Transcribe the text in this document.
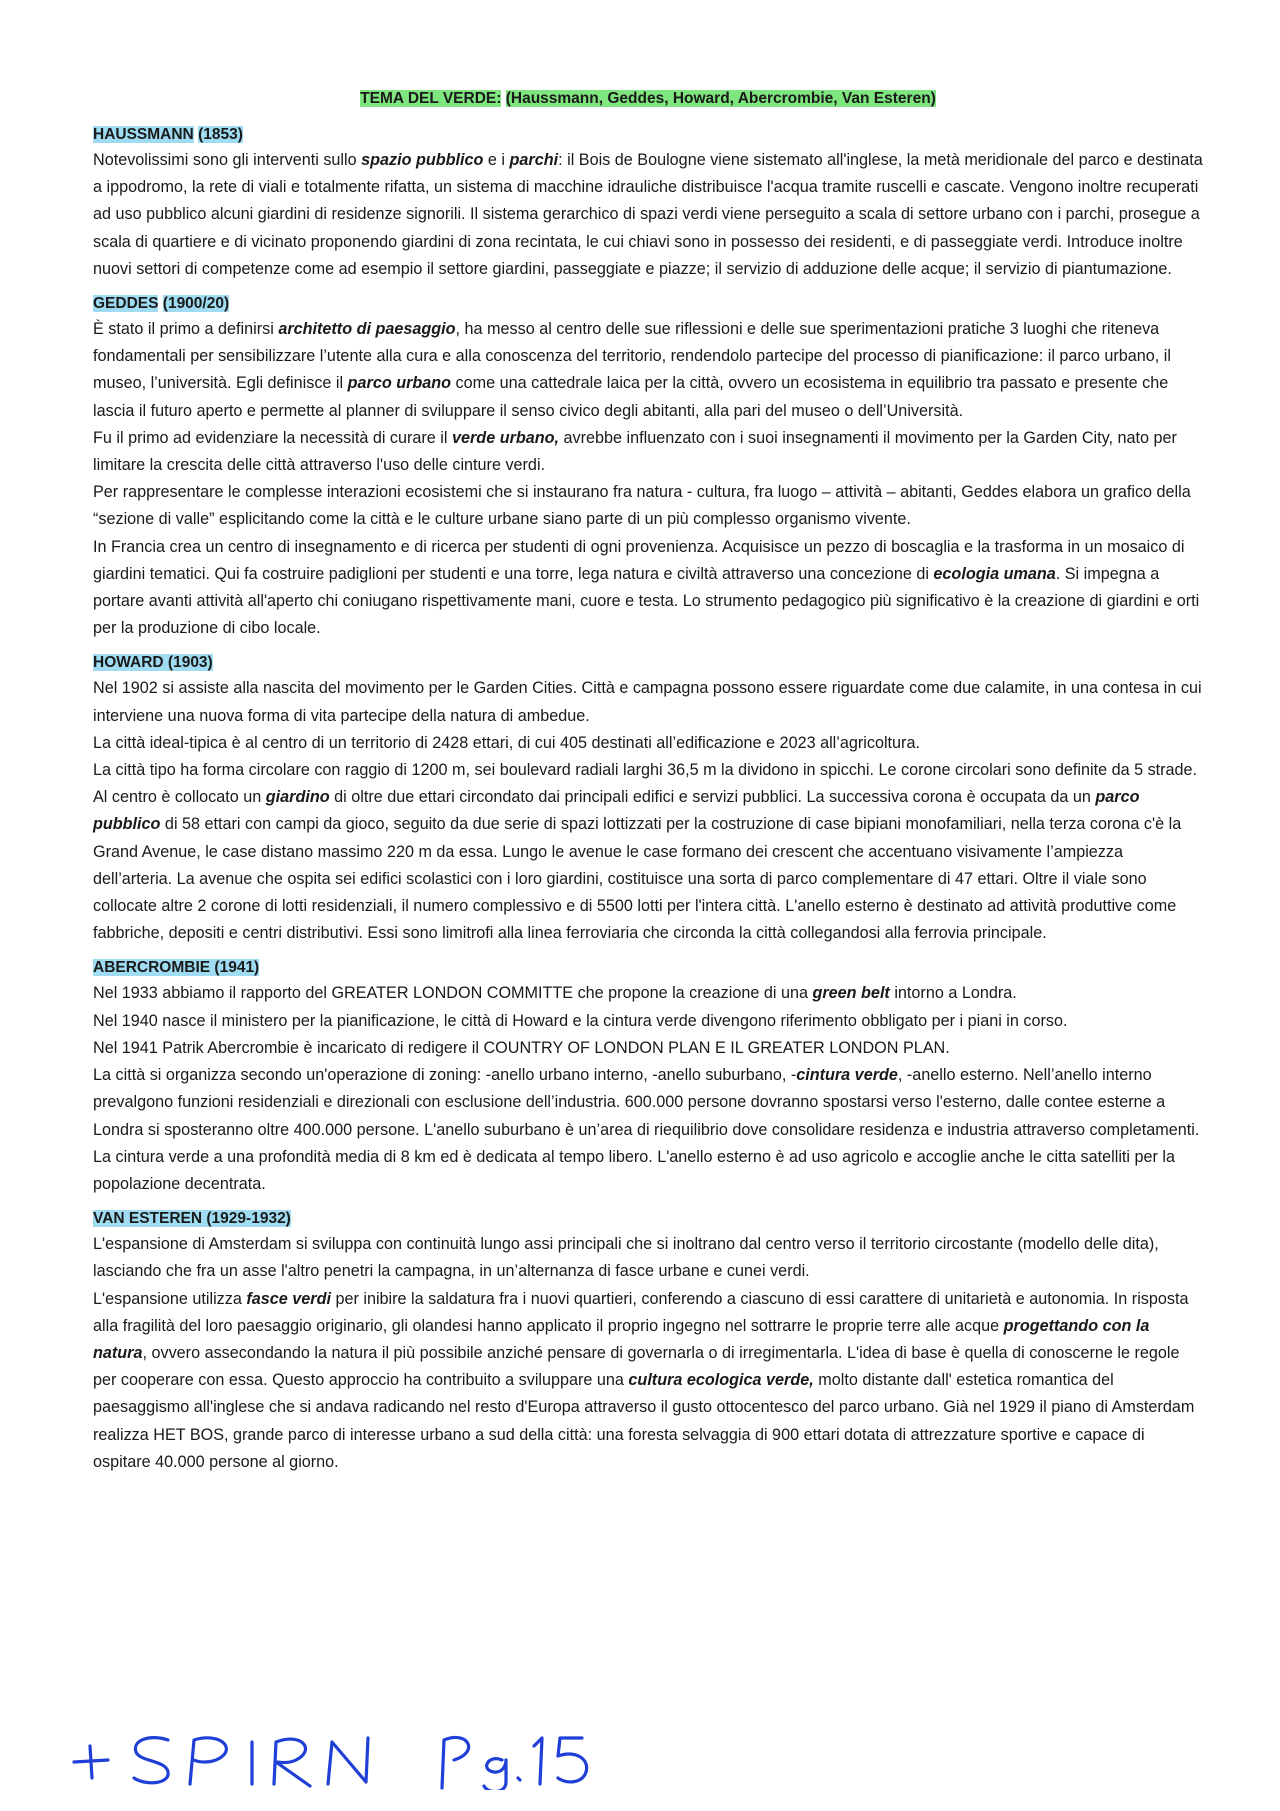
TEMA DEL VERDE: (Haussmann, Geddes, Howard, Abercrombie, Van Esteren)
HAUSSMANN (1853)

Notevolissimi sono gli interventi sullo spazio pubblico e i parchi: il Bois de Boulogne viene sistemato all'inglese, la metà meridionale del parco e destinata a ippodromo, la rete di viali e totalmente rifatta, un sistema di macchine idrauliche distribuisce l'acqua tramite ruscelli e cascate. Vengono inoltre recuperati ad uso pubblico alcuni giardini di residenze signorili. Il sistema gerarchico di spazi verdi viene perseguito a scala di settore urbano con i parchi, prosegue a scala di quartiere e di vicinato proponendo giardini di zona recintata, le cui chiavi sono in possesso dei residenti, e di passeggiate verdi. Introduce inoltre nuovi settori di competenze come ad esempio il settore giardini, passeggiate e piazze; il servizio di adduzione delle acque; il servizio di piantumazione.

GEDDES (1900/20)

È stato il primo a definirsi architetto di paesaggio, ha messo al centro delle sue riflessioni e delle sue sperimentazioni pratiche 3 luoghi che riteneva fondamentali per sensibilizzare l’utente alla cura e alla conoscenza del territorio, rendendolo partecipe del processo di pianificazione: il parco urbano, il museo, l’università. Egli definisce il parco urbano come una cattedrale laica per la città, ovvero un ecosistema in equilibrio tra passato e presente che lascia il futuro aperto e permette al planner di sviluppare il senso civico degli abitanti, alla pari del museo o dell’Università.

Fu il primo ad evidenziare la necessità di curare il verde urbano, avrebbe influenzato con i suoi insegnamenti il movimento per la Garden City, nato per limitare la crescita delle città attraverso l'uso delle cinture verdi.

Per rappresentare le complesse interazioni ecosistemi che si instaurano fra natura - cultura, fra luogo – attività – abitanti, Geddes elabora un grafico della “sezione di valle” esplicitando come la città e le culture urbane siano parte di un più complesso organismo vivente.

In Francia crea un centro di insegnamento e di ricerca per studenti di ogni provenienza. Acquisisce un pezzo di boscaglia e la trasforma in un mosaico di giardini tematici. Qui fa costruire padiglioni per studenti e una torre, lega natura e civiltà attraverso una concezione di ecologia umana. Si impegna a portare avanti attività all'aperto chi coniugano rispettivamente mani, cuore e testa. Lo strumento pedagogico più significativo è la creazione di giardini e orti per la produzione di cibo locale.

HOWARD (1903)

Nel 1902 si assiste alla nascita del movimento per le Garden Cities. Città e campagna possono essere riguardate come due calamite, in una contesa in cui interviene una nuova forma di vita partecipe della natura di ambedue.

La città ideal-tipica è al centro di un territorio di 2428 ettari, di cui 405 destinati all’edificazione e 2023 all’agricoltura.

La città tipo ha forma circolare con raggio di 1200 m, sei boulevard radiali larghi 36,5 m la dividono in spicchi. Le corone circolari sono definite da 5 strade. Al centro è collocato un giardino di oltre due ettari circondato dai principali edifici e servizi pubblici. La successiva corona è occupata da un parco pubblico di 58 ettari con campi da gioco, seguito da due serie di spazi lottizzati per la costruzione di case bipiani monofamiliari, nella terza corona c'è la Grand Avenue, le case distano massimo 220 m da essa. Lungo le avenue le case formano dei crescent che accentuano visivamente l’ampiezza dell’arteria. La avenue che ospita sei edifici scolastici con i loro giardini, costituisce una sorta di parco complementare di 47 ettari. Oltre il viale sono collocate altre 2 corone di lotti residenziali, il numero complessivo e di 5500 lotti per l'intera città. L'anello esterno è destinato ad attività produttive come fabbriche, depositi e centri distributivi. Essi sono limitrofi alla linea ferroviaria che circonda la città collegandosi alla ferrovia principale.

ABERCROMBIE (1941)

Nel 1933 abbiamo il rapporto del GREATER LONDON COMMITTE che propone la creazione di una green belt intorno a Londra.

Nel 1940 nasce il ministero per la pianificazione, le città di Howard e la cintura verde divengono riferimento obbligato per i piani in corso.

Nel 1941 Patrik Abercrombie è incaricato di redigere il COUNTRY OF LONDON PLAN E IL GREATER LONDON PLAN.

La città si organizza secondo un'operazione di zoning: -anello urbano interno, -anello suburbano, -cintura verde, -anello esterno. Nell’anello interno prevalgono funzioni residenziali e direzionali con esclusione dell’industria. 600.000 persone dovranno spostarsi verso l'esterno, dalle contee esterne a Londra si sposteranno oltre 400.000 persone. L'anello suburbano è un’area di riequilibrio dove consolidare residenza e industria attraverso completamenti. La cintura verde a una profondità media di 8 km ed è dedicata al tempo libero. L'anello esterno è ad uso agricolo e accoglie anche le citta satelliti per la popolazione decentrata.

VAN ESTEREN (1929-1932)

L'espansione di Amsterdam si sviluppa con continuità lungo assi principali che si inoltrano dal centro verso il territorio circostante (modello delle dita), lasciando che fra un asse l'altro penetri la campagna, in un’alternanza di fasce urbane e cunei verdi.

L'espansione utilizza fasce verdi per inibire la saldatura fra i nuovi quartieri, conferendo a ciascuno di essi carattere di unitarietà e autonomia. In risposta alla fragilità del loro paesaggio originario, gli olandesi hanno applicato il proprio ingegno nel sottrarre le proprie terre alle acque progettando con la natura, ovvero assecondando la natura il più possibile anziché pensare di governarla o di irregimentarla. L'idea di base è quella di conoscerne le regole per cooperare con essa. Questo approccio ha contribuito a sviluppare una cultura ecologica verde, molto distante dall' estetica romantica del paesaggismo all'inglese che si andava radicando nel resto d'Europa attraverso il gusto ottocentesco del parco urbano. Già nel 1929 il piano di Amsterdam realizza HET BOS, grande parco di interesse urbano a sud della città: una foresta selvaggia di 900 ettari dotata di attrezzature sportive e capace di ospitare 40.000 persone al giorno.

+ SPIRN Pg.15
